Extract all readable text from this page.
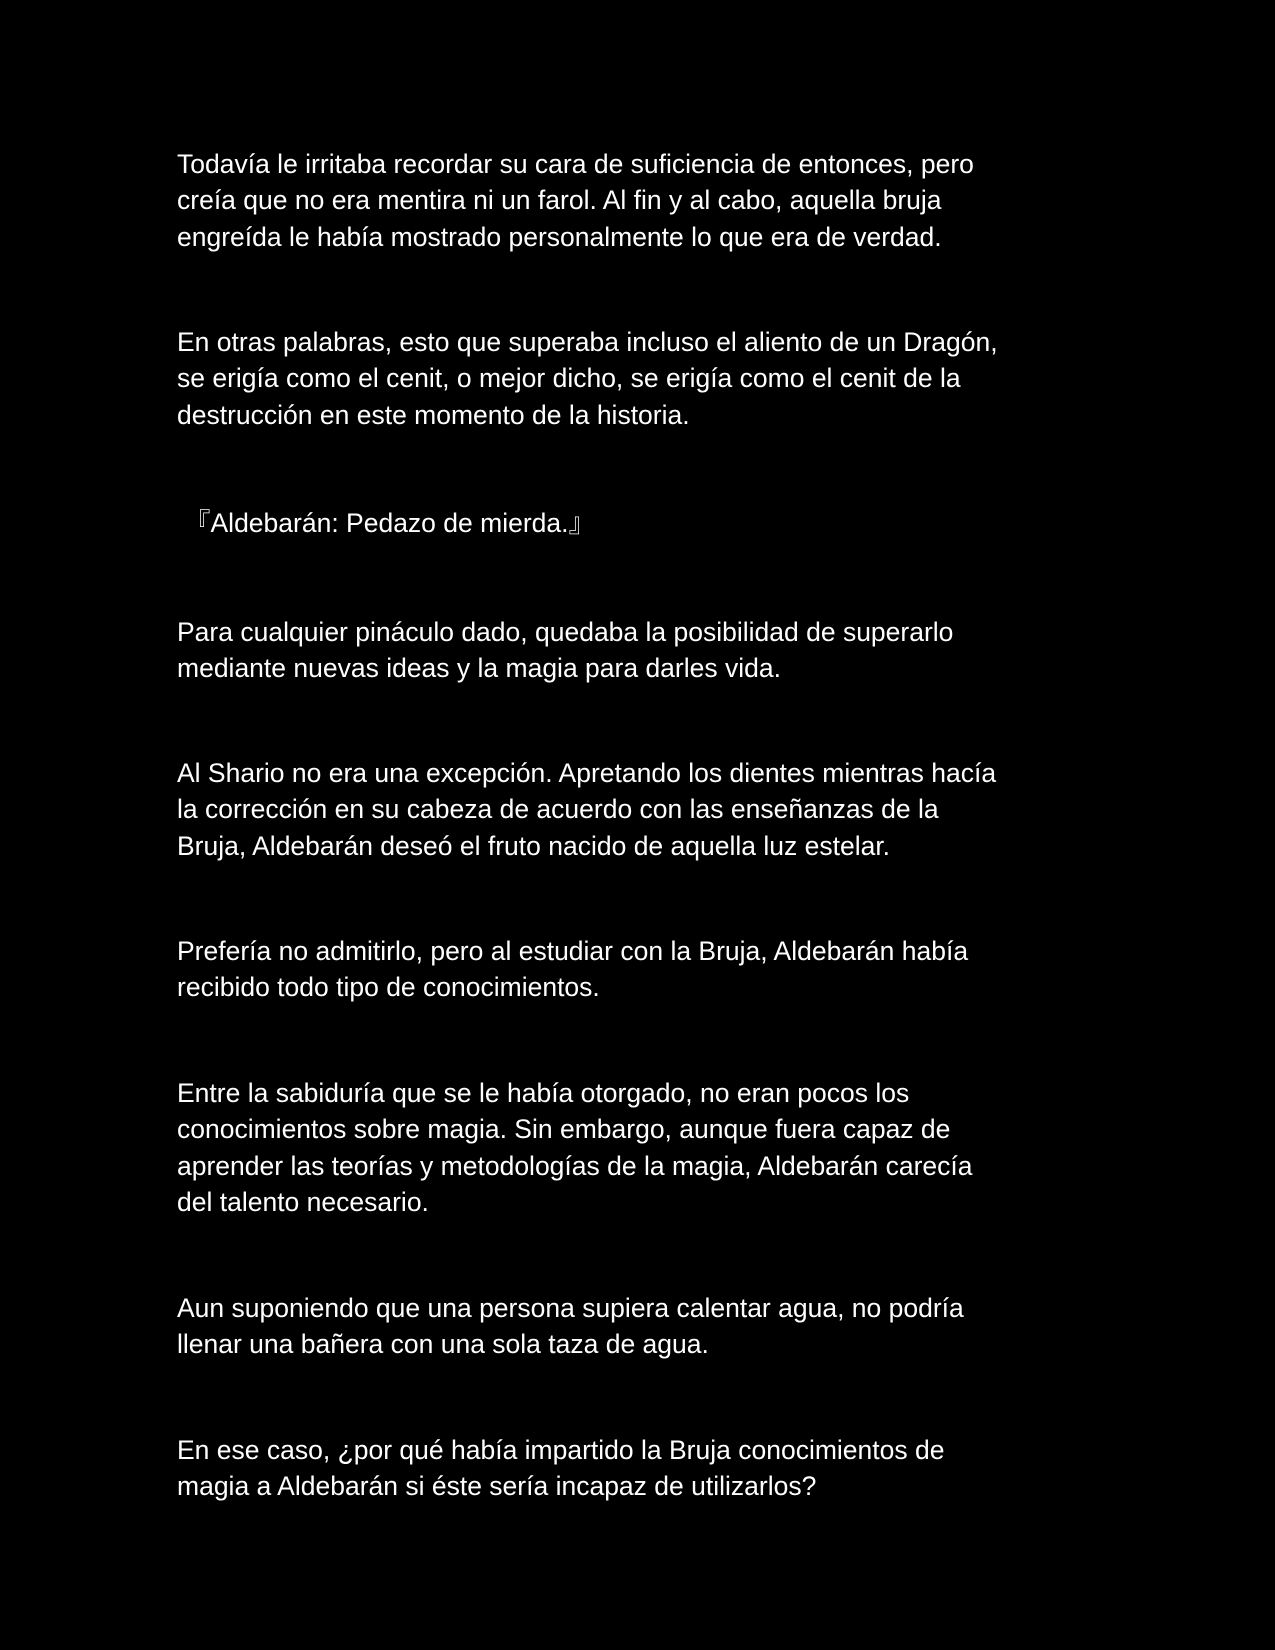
Todavía le irritaba recordar su cara de suficiencia de entonces, pero
creía que no era mentira ni un farol. Al fin y al cabo, aquella bruja
engreída le había mostrado personalmente lo que era de verdad.

En otras palabras, esto que superaba incluso el aliento de un Dragón,
se erigía como el cenit, o mejor dicho, se erigía como el cenit de la
destrucción en este momento de la historia.

『Aldebarán: Pedazo de mierda.』

Para cualquier pináculo dado, quedaba la posibilidad de superarlo
mediante nuevas ideas y la magia para darles vida.

Al Shario no era una excepción. Apretando los dientes mientras hacía
la corrección en su cabeza de acuerdo con las enseñanzas de la
Bruja, Aldebarán deseó el fruto nacido de aquella luz estelar.

Prefería no admitirlo, pero al estudiar con la Bruja, Aldebarán había
recibido todo tipo de conocimientos.

Entre la sabiduría que se le había otorgado, no eran pocos los
conocimientos sobre magia. Sin embargo, aunque fuera capaz de
aprender las teorías y metodologías de la magia, Aldebarán carecía
del talento necesario.

Aun suponiendo que una persona supiera calentar agua, no podría
llenar una bañera con una sola taza de agua.

En ese caso, ¿por qué había impartido la Bruja conocimientos de
magia a Aldebarán si éste sería incapaz de utilizarlos?
